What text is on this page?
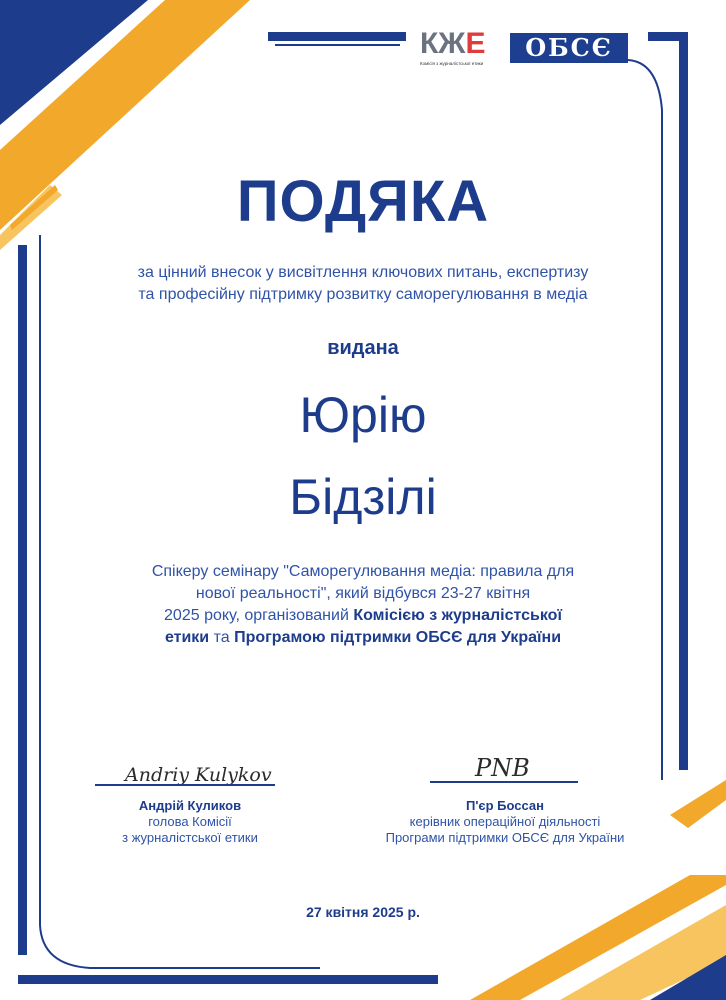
КЖЕ
Комісія з журналістської етики
ОБСЄ
ПОДЯКА
за цінний внесок у висвітлення ключових питань, експертизу
та професійну підтримку розвитку саморегулювання в медіа
видана
Юрію
Бідзілі
Спікеру семінару "Саморегулювання медіа: правила для
нової реальності", який відбувся 23-27 квітня
2025 року, організований Комісією з журналістської
етики та Програмою підтримки ОБСЄ для України
Andriy Kulykov
Андрій Куликов
голова Комісії
з журналістської етики
PNB
П'єр Боссан
керівник операційної діяльності
Програми підтримки ОБСЄ для України
27 квітня 2025 р.
